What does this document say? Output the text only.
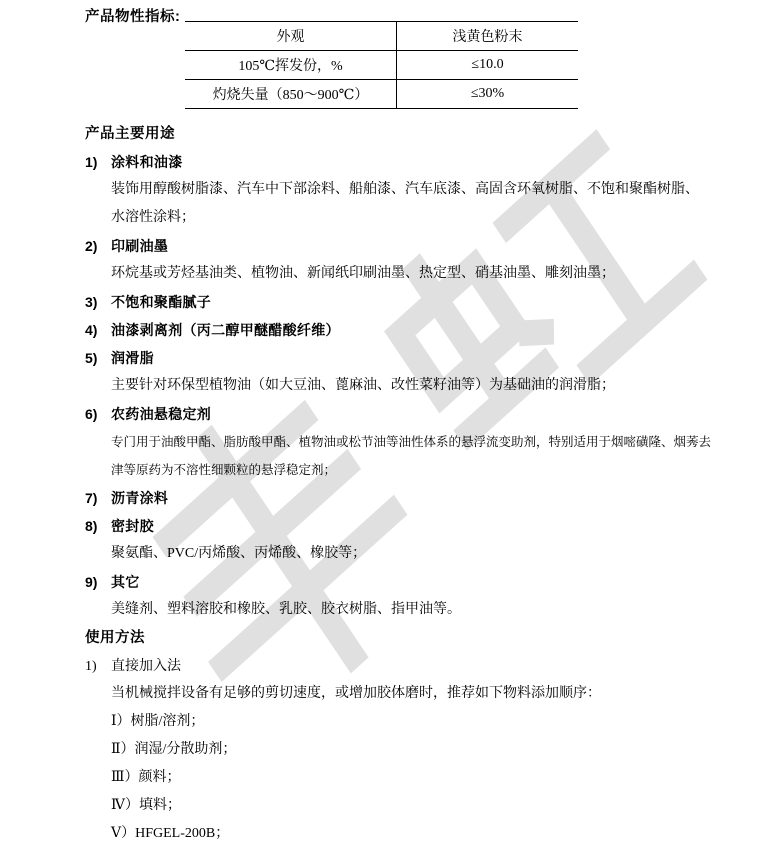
产品物性指标:
外观	浅黄色粉末
105℃挥发份，%	≤10.0
灼烧失量（850～900℃）	≤30%
产品主要用途
1) 涂料和油漆
装饰用醇酸树脂漆、汽车中下部涂料、船舶漆、汽车底漆、高固含环氧树脂、不饱和聚酯树脂、水溶性涂料；
2) 印刷油墨
环烷基或芳烃基油类、植物油、新闻纸印刷油墨、热定型、硝基油墨、雕刻油墨；
3) 不饱和聚酯腻子
4) 油漆剥离剂（丙二醇甲醚醋酸纤维）
5) 润滑脂
主要针对环保型植物油（如大豆油、蓖麻油、改性菜籽油等）为基础油的润滑脂；
6) 农药油悬稳定剂
专门用于油酸甲酯、脂肪酸甲酯、植物油或松节油等油性体系的悬浮流变助剂，特别适用于烟嘧磺隆、烟莠去津等原药为不溶性细颗粒的悬浮稳定剂；
7) 沥青涂料
8) 密封胶
聚氨酯、PVC/丙烯酸、丙烯酸、橡胶等；
9) 其它
美缝剂、塑料溶胶和橡胶、乳胶、胶衣树脂、指甲油等。
使用方法
1) 直接加入法
当机械搅拌设备有足够的剪切速度，或增加胶体磨时，推荐如下物料添加顺序：
Ⅰ）树脂/溶剂；
Ⅱ）润湿/分散助剂；
Ⅲ）颜料；
Ⅳ）填料；
Ⅴ）HFGEL-200B；
